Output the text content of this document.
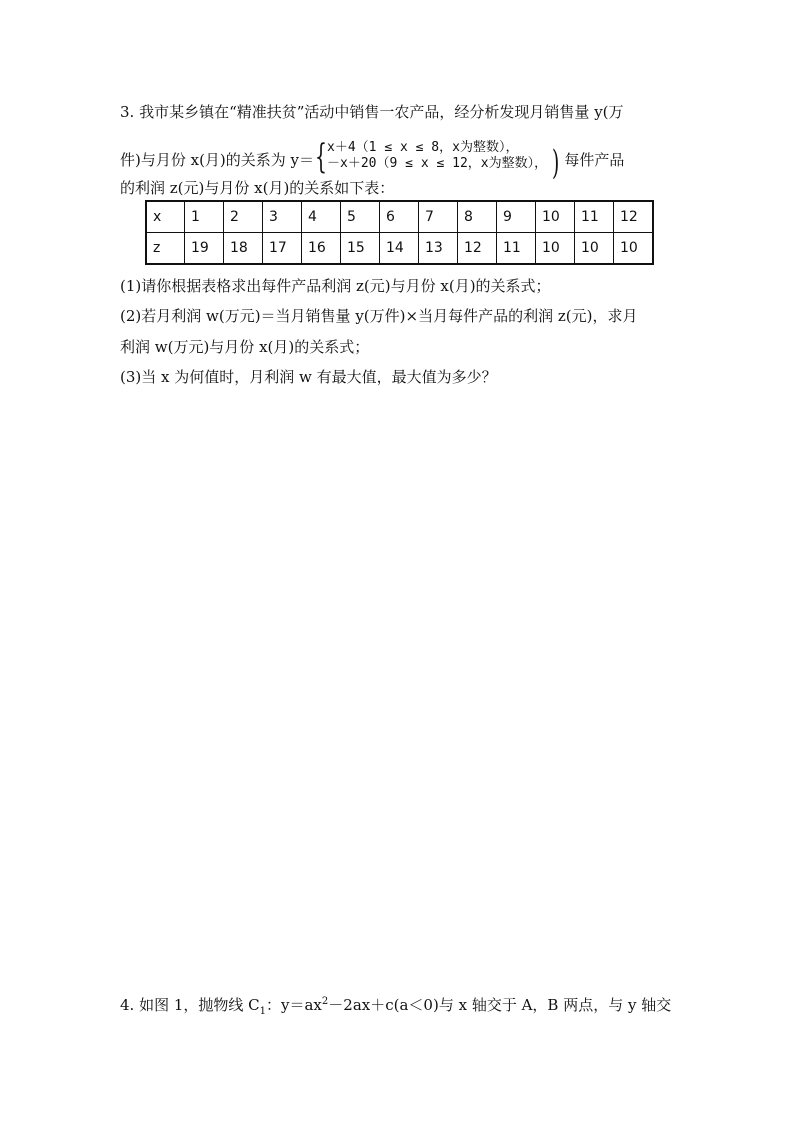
3. 我市某乡镇在“精准扶贫”活动中销售一农产品，经分析发现月销售量 y(万
件)与月份 x(月)的关系为 y＝ { x＋4（1 ≤ x ≤ 8，x为整数），
－x＋20（9 ≤ x ≤ 12，x为整数）， ) 每件产品
的利润 z(元)与月份 x(月)的关系如下表：
x	1	2	3	4	5	6	7	8	9	10	11	12
z	19	18	17	16	15	14	13	12	11	10	10	10
(1)请你根据表格求出每件产品利润 z(元)与月份 x(月)的关系式；
(2)若月利润 w(万元)＝当月销售量 y(万件)×当月每件产品的利润 z(元)，求月
利润 w(万元)与月份 x(月)的关系式；
(3)当 x 为何值时，月利润 w 有最大值，最大值为多少？
4. 如图 1，抛物线 $C_1$：$y=ax^2-2ax+c(a<0)$与 x 轴交于 A，B 两点，与 y 轴交
